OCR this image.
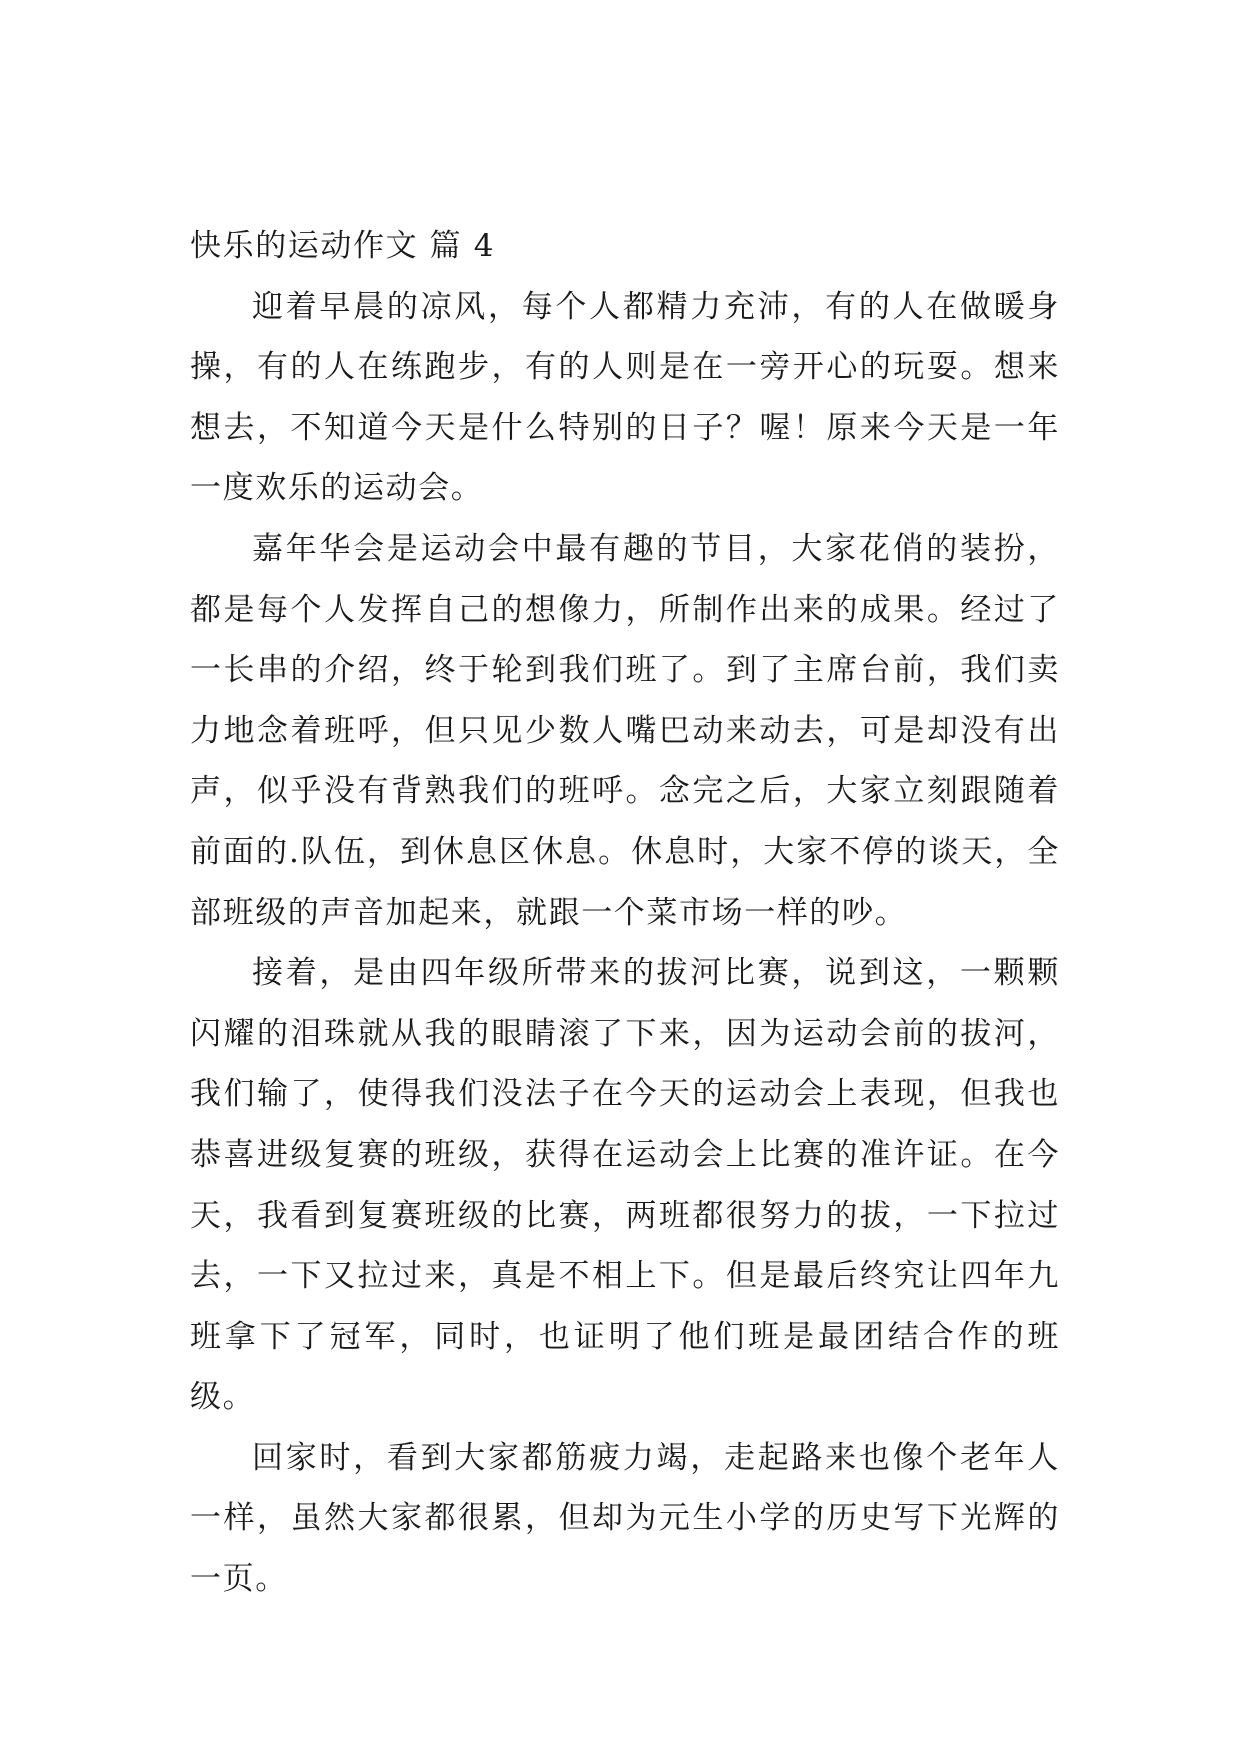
快乐的运动作文 篇 4

迎着早晨的凉风，每个人都精力充沛，有的人在做暖身操，有的人在练跑步，有的人则是在一旁开心的玩耍。想来想去，不知道今天是什么特别的日子？喔！原来今天是一年一度欢乐的运动会。

嘉年华会是运动会中最有趣的节目，大家花俏的装扮，都是每个人发挥自己的想像力，所制作出来的成果。经过了一长串的介绍，终于轮到我们班了。到了主席台前，我们卖力地念着班呼，但只见少数人嘴巴动来动去，可是却没有出声，似乎没有背熟我们的班呼。念完之后，大家立刻跟随着前面的.队伍，到休息区休息。休息时，大家不停的谈天，全部班级的声音加起来，就跟一个菜市场一样的吵。

接着，是由四年级所带来的拔河比赛，说到这，一颗颗闪耀的泪珠就从我的眼睛滚了下来，因为运动会前的拔河，我们输了，使得我们没法子在今天的运动会上表现，但我也恭喜进级复赛的班级，获得在运动会上比赛的准许证。在今天，我看到复赛班级的比赛，两班都很努力的拔，一下拉过去，一下又拉过来，真是不相上下。但是最后终究让四年九班拿下了冠军，同时，也证明了他们班是最团结合作的班级。

回家时，看到大家都筋疲力竭，走起路来也像个老年人一样，虽然大家都很累，但却为元生小学的历史写下光辉的一页。
